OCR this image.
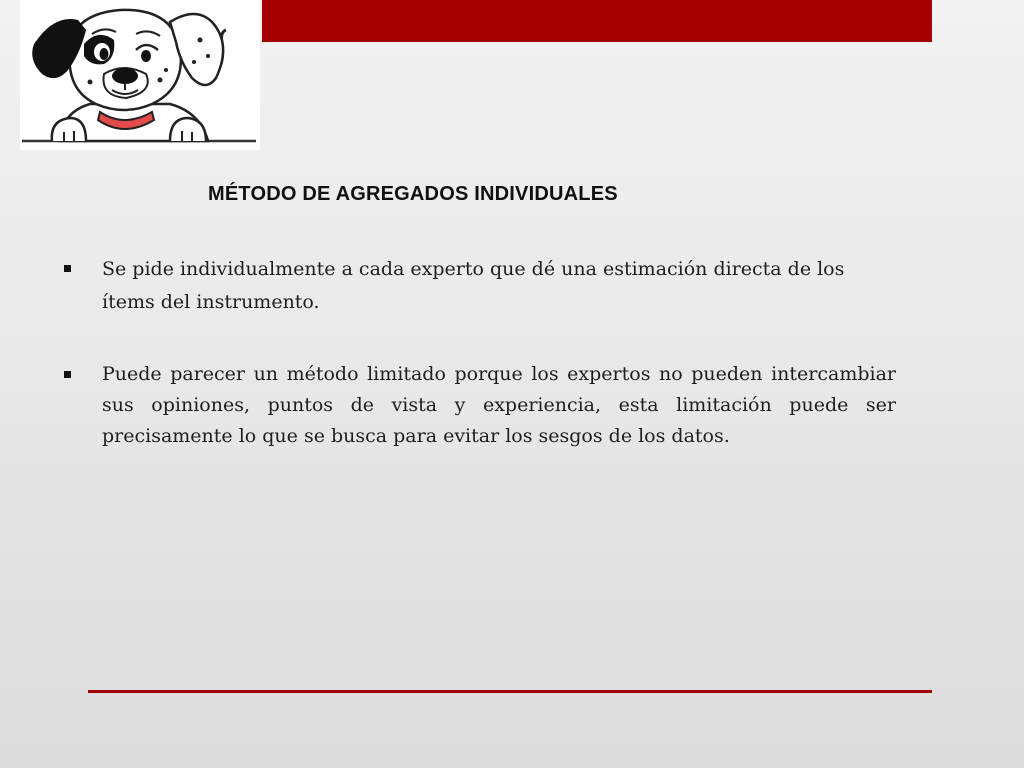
MÉTODO DE AGREGADOS INDIVIDUALES
Se pide individualmente a cada experto que dé una estimación directa de los ítems del instrumento.
Puede parecer un método limitado porque los expertos no pueden intercambiar sus opiniones, puntos de vista y experiencia, esta limitación puede ser precisamente lo que se busca para evitar los sesgos de los datos.
